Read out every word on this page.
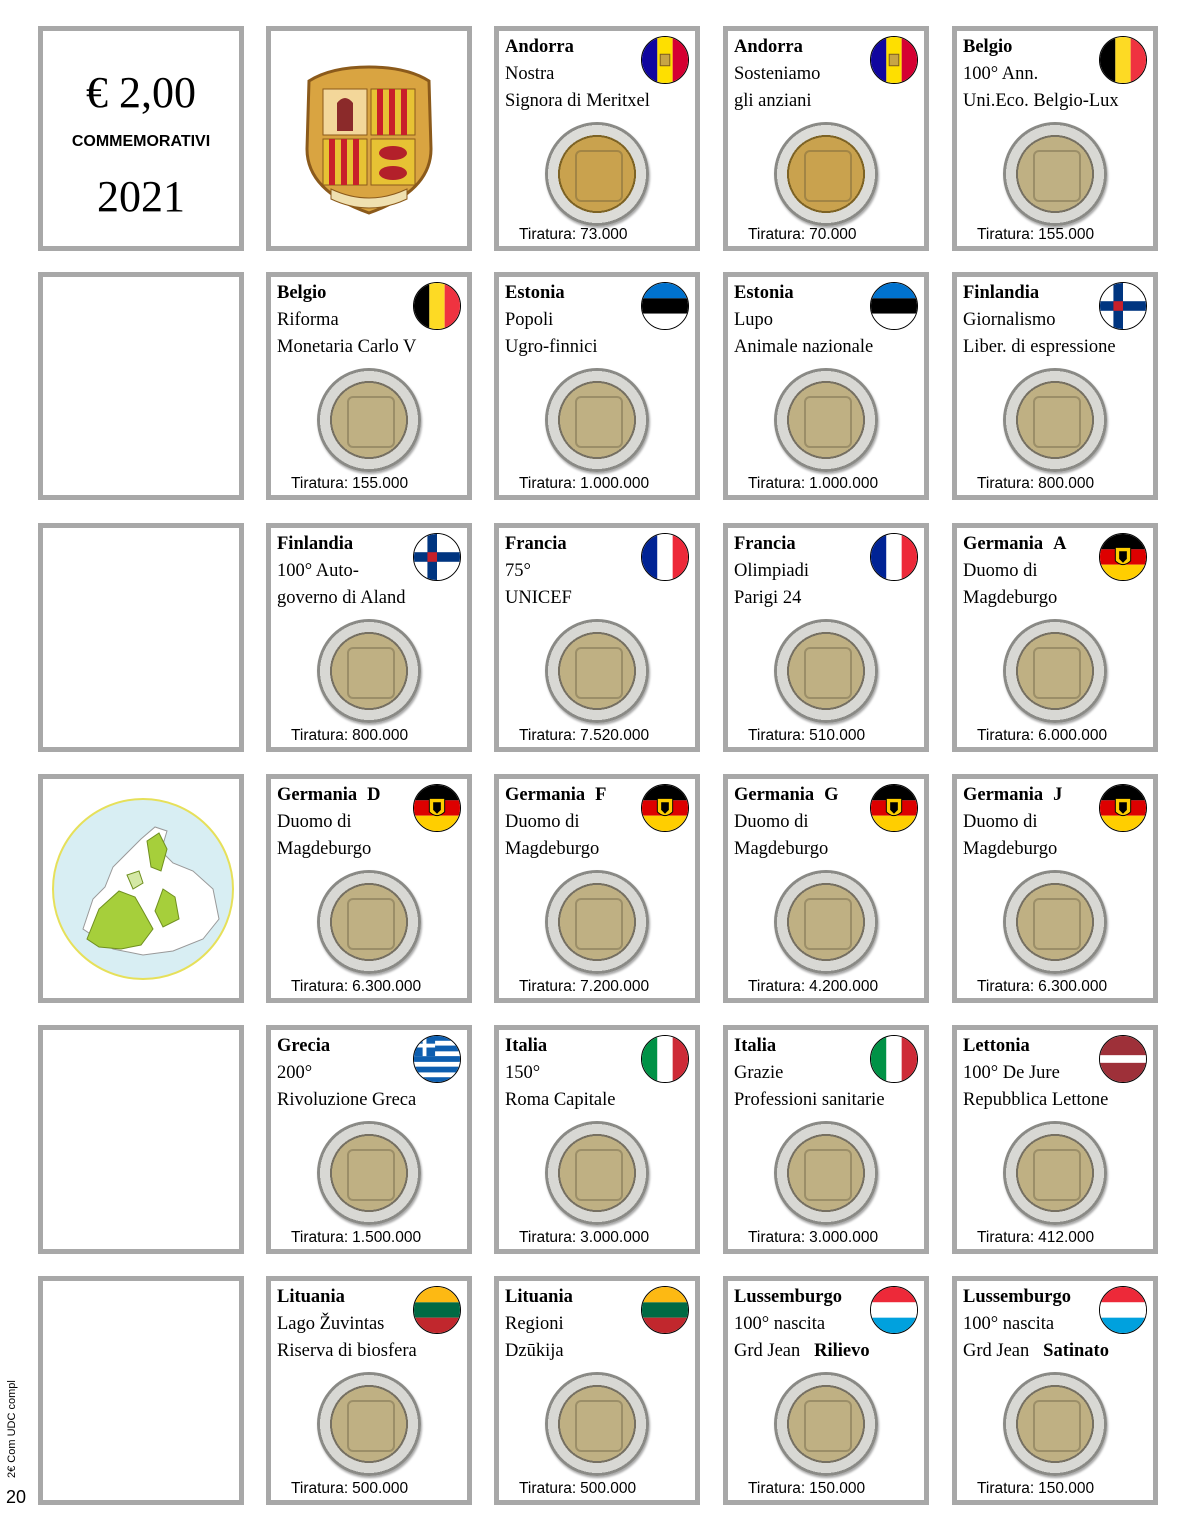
€ 2,00
COMMEMORATIVI
2021
Andorra
Nostra
Signora di Meritxel
Tiratura: 73.000
Andorra
Sosteniamo
gli anziani
Tiratura: 70.000
Belgio
100° Ann.
Uni.Eco. Belgio-Lux
Tiratura: 155.000
Belgio
Riforma
Monetaria Carlo V
Tiratura: 155.000
Estonia
Popoli
Ugro-finnici
Tiratura: 1.000.000
Estonia
Lupo
Animale nazionale
Tiratura: 1.000.000
Finlandia
Giornalismo
Liber. di espressione
Tiratura: 800.000
Finlandia
100° Auto-
governo di Aland
Tiratura: 800.000
Francia
75°
UNICEF
Tiratura: 7.520.000
Francia
Olimpiadi
Parigi 24
Tiratura: 510.000
Germania A
Duomo di
Magdeburgo
Tiratura: 6.000.000
Germania D
Duomo di
Magdeburgo
Tiratura: 6.300.000
Germania F
Duomo di
Magdeburgo
Tiratura: 7.200.000
Germania G
Duomo di
Magdeburgo
Tiratura: 4.200.000
Germania J
Duomo di
Magdeburgo
Tiratura: 6.300.000
Grecia
200°
Rivoluzione Greca
Tiratura: 1.500.000
Italia
150°
Roma Capitale
Tiratura: 3.000.000
Italia
Grazie
Professioni sanitarie
Tiratura: 3.000.000
Lettonia
100° De Jure
Repubblica Lettone
Tiratura: 412.000
Lituania
Lago Žuvintas
Riserva di biosfera
Tiratura: 500.000
Lituania
Regioni
Dzūkija
Tiratura: 500.000
Lussemburgo
100° nascita
Grd Jean Rilievo
Tiratura: 150.000
Lussemburgo
100° nascita
Grd Jean Satinato
Tiratura: 150.000
2€ Com UDC compl
20
